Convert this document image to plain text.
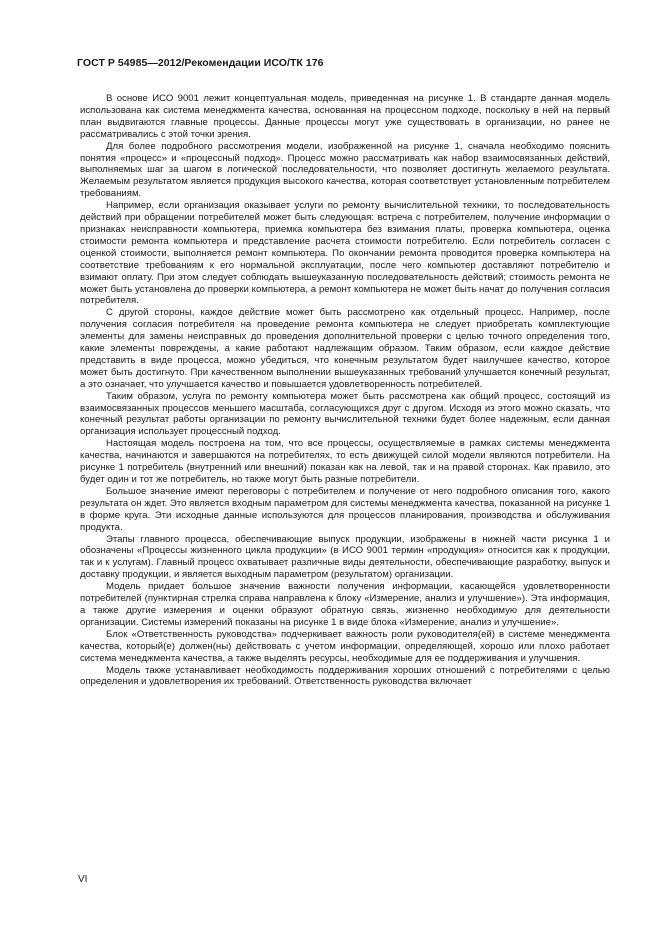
ГОСТ Р 54985—2012/Рекомендации ИСО/ТК 176

В основе ИСО 9001 лежит концептуальная модель, приведенная на рисунке 1. В стандарте данная модель использована как система менеджмента качества, основанная на процессном подходе, поскольку в ней на первый план выдвигаются главные процессы. Данные процессы могут уже существовать в организации, но ранее не рассматривались с этой точки зрения.

Для более подробного рассмотрения модели, изображенной на рисунке 1, сначала необходимо пояснить понятия «процесс» и «процессный подход». Процесс можно рассматривать как набор взаимосвязанных действий, выполняемых шаг за шагом в логической последовательности, что позволяет достигнуть желаемого результата. Желаемым результатом является продукция высокого качества, которая соответствует установленным потребителем требованиям.

Например, если организация оказывает услуги по ремонту вычислительной техники, то последовательность действий при обращении потребителей может быть следующая: встреча с потребителем, получение информации о признаках неисправности компьютера, приемка компьютера без взимания платы, проверка компьютера, оценка стоимости ремонта компьютера и представление расчета стоимости потребителю. Если потребитель согласен с оценкой стоимости, выполняется ремонт компьютера. По окончании ремонта проводится проверка компьютера на соответствие требованиям к его нормальной эксплуатации, после чего компьютер доставляют потребителю и взимают оплату. При этом следует соблюдать вышеуказанную последовательность действий; стоимость ремонта не может быть установлена до проверки компьютера, а ремонт компьютера не может быть начат до получения согласия потребителя.

С другой стороны, каждое действие может быть рассмотрено как отдельный процесс. Например, после получения согласия потребителя на проведение ремонта компьютера не следует приобретать комплектующие элементы для замены неисправных до проведения дополнительной проверки с целью точного определения того, какие элементы повреждены, а какие работают надлежащим образом. Таким образом, если каждое действие представить в виде процесса, можно убедиться, что конечным результатом будет наилучшее качество, которое может быть достигнуто. При качественном выполнении вышеуказанных требований улучшается конечный результат, а это означает, что улучшается качество и повышается удовлетворенность потребителей.

Таким образом, услуга по ремонту компьютера может быть рассмотрена как общий процесс, состоящий из взаимосвязанных процессов меньшего масштаба, согласующихся друг с другом. Исходя из этого можно сказать, что конечный результат работы организации по ремонту вычислительной техники будет более надежным, если данная организация использует процессный подход.

Настоящая модель построена на том, что все процессы, осуществляемые в рамках системы менеджмента качества, начинаются и завершаются на потребителях, то есть движущей силой модели являются потребители. На рисунке 1 потребитель (внутренний или внешний) показан как на левой, так и на правой сторонах. Как правило, это будет один и тот же потребитель, но также могут быть разные потребители.

Большое значение имеют переговоры с потребителем и получение от него подробного описания того, какого результата он ждет. Это является входным параметром для системы менеджмента качества, показанной на рисунке 1 в форме круга. Эти исходные данные используются для процессов планирования, производства и обслуживания продукта.

Этапы главного процесса, обеспечивающие выпуск продукции, изображены в нижней части рисунка 1 и обозначены «Процессы жизненного цикла продукции» (в ИСО 9001 термин «продукция» относится как к продукции, так и к услугам). Главный процесс охватывает различные виды деятельности, обеспечивающие разработку, выпуск и доставку продукции, и является выходным параметром (результатом) организации.

Модель придает большое значение важности получения информации, касающейся удовлетворенности потребителей (пунктирная стрелка справа направлена к блоку «Измерение, анализ и улучшение»). Эта информация, а также другие измерения и оценки образуют обратную связь, жизненно необходимую для деятельности организации. Системы измерений показаны на рисунке 1 в виде блока «Измерение, анализ и улучшение».

Блок «Ответственность руководства» подчеркивает важность роли руководителя(ей) в системе менеджмента качества, который(е) должен(ны) действовать с учетом информации, определяющей, хорошо или плохо работает система менеджмента качества, а также выделять ресурсы, необходимые для ее поддерживания и улучшения.

Модель также устанавливает необходимость поддерживания хороших отношений с потребителями с целью определения и удовлетворения их требований. Ответственность руководства включает

VI
